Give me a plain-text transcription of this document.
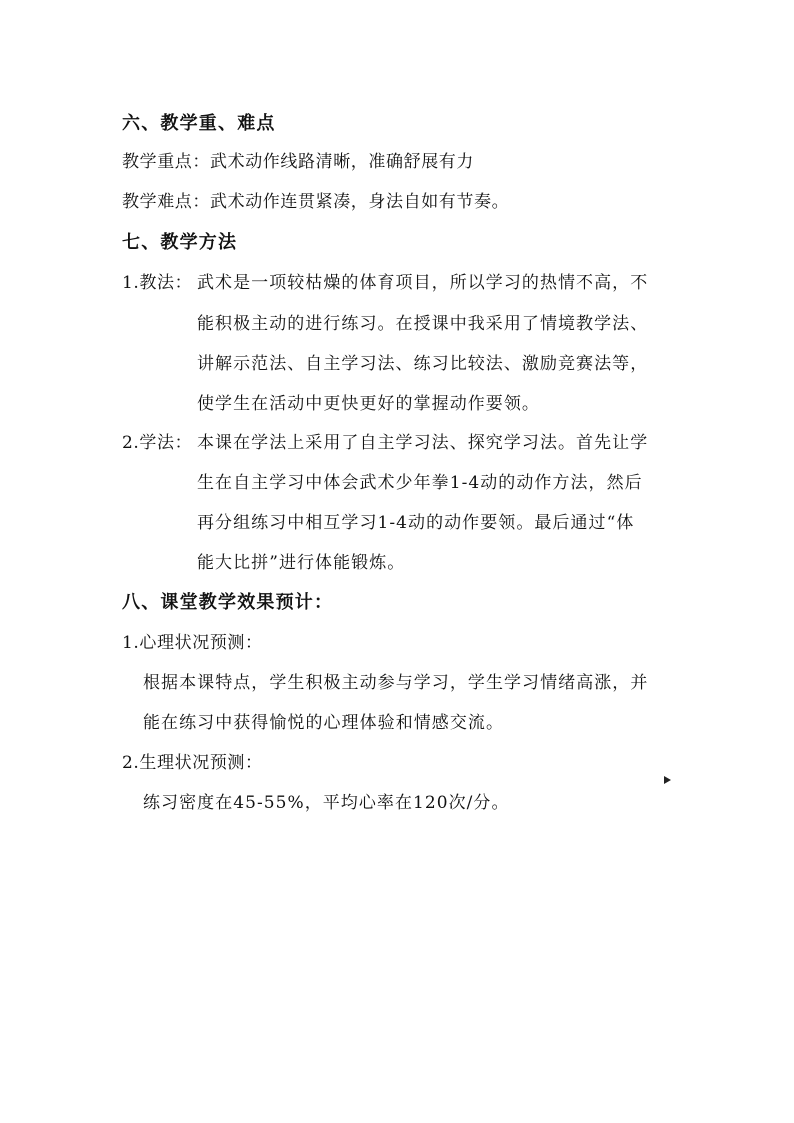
六、教学重、难点
教学重点：武术动作线路清晰，准确舒展有力
教学难点：武术动作连贯紧凑，身法自如有节奏。
七、教学方法
1.教法： 武术是一项较枯燥的体育项目，所以学习的热情不高，不
能积极主动的进行练习。在授课中我采用了情境教学法、
讲解示范法、自主学习法、练习比较法、激励竞赛法等，
使学生在活动中更快更好的掌握动作要领。
2.学法： 本课在学法上采用了自主学习法、探究学习法。首先让学
生在自主学习中体会武术少年拳1-4动的动作方法，然后
再分组练习中相互学习1-4动的动作要领。最后通过“体
能大比拼”进行体能锻炼。
八、课堂教学效果预计：
1.心理状况预测：
根据本课特点，学生积极主动参与学习，学生学习情绪高涨，并
能在练习中获得愉悦的心理体验和情感交流。
2.生理状况预测：
练习密度在45-55%，平均心率在120次/分。
